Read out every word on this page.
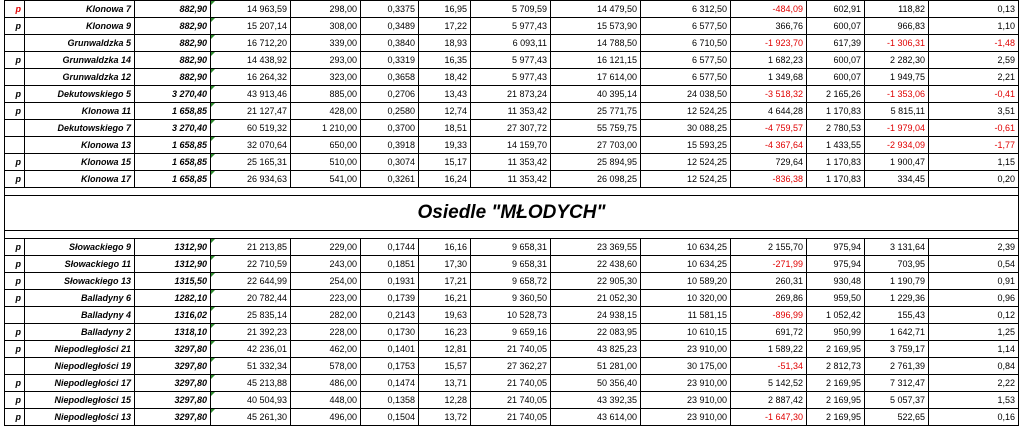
p	Klonowa 7	882,90	14 963,59	298,00	0,3375	16,95	5 709,59	14 479,50	6 312,50	-484,09	602,91	118,82	0,13
p	Klonowa 9	882,90	15 207,14	308,00	0,3489	17,22	5 977,43	15 573,90	6 577,50	366,76	600,07	966,83	1,10
	Grunwaldzka 5	882,90	16 712,20	339,00	0,3840	18,93	6 093,11	14 788,50	6 710,50	-1 923,70	617,39	-1 306,31	-1,48
p	Grunwaldzka 14	882,90	14 438,92	293,00	0,3319	16,35	5 977,43	16 121,15	6 577,50	1 682,23	600,07	2 282,30	2,59
	Grunwaldzka 12	882,90	16 264,32	323,00	0,3658	18,42	5 977,43	17 614,00	6 577,50	1 349,68	600,07	1 949,75	2,21
p	Dekutowskiego 5	3 270,40	43 913,46	885,00	0,2706	13,43	21 873,24	40 395,14	24 038,50	-3 518,32	2 165,26	-1 353,06	-0,41
p	Klonowa 11	1 658,85	21 127,47	428,00	0,2580	12,74	11 353,42	25 771,75	12 524,25	4 644,28	1 170,83	5 815,11	3,51
	Dekutowskiego 7	3 270,40	60 519,32	1 210,00	0,3700	18,51	27 307,72	55 759,75	30 088,25	-4 759,57	2 780,53	-1 979,04	-0,61
	Klonowa 13	1 658,85	32 070,64	650,00	0,3918	19,33	14 159,70	27 703,00	15 593,25	-4 367,64	1 433,55	-2 934,09	-1,77
p	Klonowa 15	1 658,85	25 165,31	510,00	0,3074	15,17	11 353,42	25 894,95	12 524,25	729,64	1 170,83	1 900,47	1,15
p	Klonowa 17	1 658,85	26 934,63	541,00	0,3261	16,24	11 353,42	26 098,25	12 524,25	-836,38	1 170,83	334,45	0,20

Osiedle "MŁODYCH"													

p	Słowackiego 9	1312,90	21 213,85	229,00	0,1744	16,16	9 658,31	23 369,55	10 634,25	2 155,70	975,94	3 131,64	2,39
p	Słowackiego 11	1312,90	22 710,59	243,00	0,1851	17,30	9 658,31	22 438,60	10 634,25	-271,99	975,94	703,95	0,54
p	Słowackiego 13	1315,50	22 644,99	254,00	0,1931	17,21	9 658,72	22 905,30	10 589,20	260,31	930,48	1 190,79	0,91
p	Balladyny 6	1282,10	20 782,44	223,00	0,1739	16,21	9 360,50	21 052,30	10 320,00	269,86	959,50	1 229,36	0,96
	Balladyny 4	1316,02	25 835,14	282,00	0,2143	19,63	10 528,73	24 938,15	11 581,15	-896,99	1 052,42	155,43	0,12
p	Balladyny 2	1318,10	21 392,23	228,00	0,1730	16,23	9 659,16	22 083,95	10 610,15	691,72	950,99	1 642,71	1,25
p	Niepodległości 21	3297,80	42 236,01	462,00	0,1401	12,81	21 740,05	43 825,23	23 910,00	1 589,22	2 169,95	3 759,17	1,14
	Niepodległości 19	3297,80	51 332,34	578,00	0,1753	15,57	27 362,27	51 281,00	30 175,00	-51,34	2 812,73	2 761,39	0,84
p	Niepodległości 17	3297,80	45 213,88	486,00	0,1474	13,71	21 740,05	50 356,40	23 910,00	5 142,52	2 169,95	7 312,47	2,22
p	Niepodległości 15	3297,80	40 504,93	448,00	0,1358	12,28	21 740,05	43 392,35	23 910,00	2 887,42	2 169,95	5 057,37	1,53
p	Niepodległości 13	3297,80	45 261,30	496,00	0,1504	13,72	21 740,05	43 614,00	23 910,00	-1 647,30	2 169,95	522,65	0,16
